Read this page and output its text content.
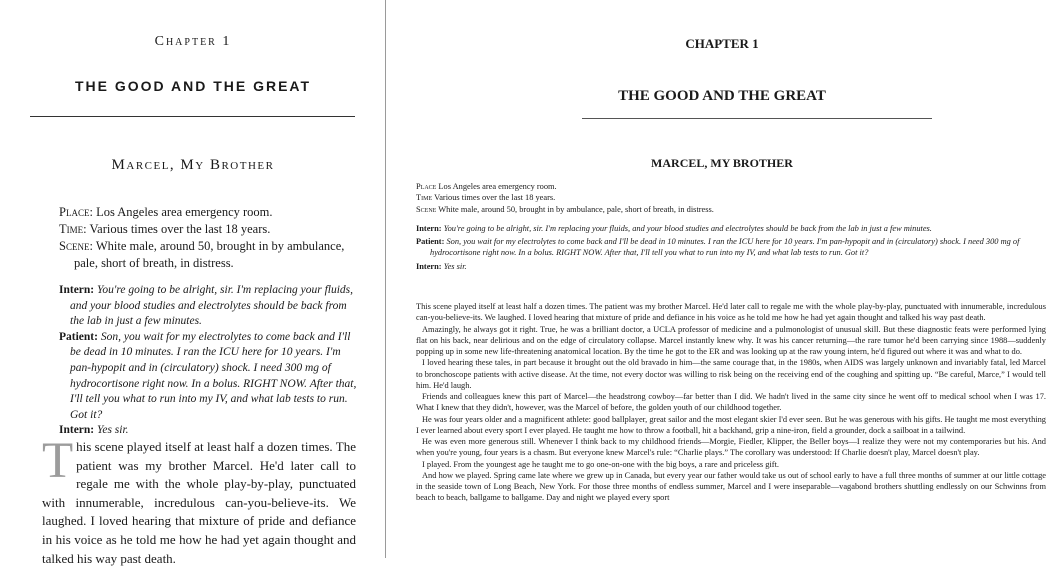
Chapter 1
THE GOOD AND THE GREAT
Marcel, My Brother
Place: Los Angeles area emergency room.
Time: Various times over the last 18 years.
Scene: White male, around 50, brought in by ambulance, pale, short of breath, in distress.
Intern: You're going to be alright, sir. I'm replacing your fluids, and your blood studies and electrolytes should be back from the lab in just a few minutes.
Patient: Son, you wait for my electrolytes to come back and I'll be dead in 10 minutes. I ran the ICU here for 10 years. I'm pan-hypopit and in (circulatory) shock. I need 300 mg of hydrocortisone right now. In a bolus. RIGHT NOW. After that, I'll tell you what to run into my IV, and what lab tests to run. Got it?
Intern: Yes sir.
This scene played itself at least half a dozen times. The patient was my brother Marcel. He'd later call to regale me with the whole play-by-play, punctuated with innumerable, incredulous can-you-believe-its. We laughed. I loved hearing that mixture of pride and defiance in his voice as he told me how he had yet again thought and talked his way past death.
CHAPTER 1
THE GOOD AND THE GREAT
MARCEL, MY BROTHER
Place Los Angeles area emergency room.
Time Various times over the last 18 years.
Scene White male, around 50, brought in by ambulance, pale, short of breath, in distress.
Intern: You're going to be alright, sir. I'm replacing your fluids, and your blood studies and electrolytes should be back from the lab in just a few minutes.
Patient: Son, you wait for my electrolytes to come back and I'll be dead in 10 minutes. I ran the ICU here for 10 years. I'm pan-hypopit and in (circulatory) shock. I need 300 mg of hydrocortisone right now. In a bolus. RIGHT NOW. After that, I'll tell you what to run into my IV, and what lab tests to run. Got it?
Intern: Yes sir.
This scene played itself at least half a dozen times. The patient was my brother Marcel. He'd later call to regale me with the whole play-by-play, punctuated with innumerable, incredulous can-you-believe-its. We laughed. I loved hearing that mixture of pride and defiance in his voice as he told me how he had yet again thought and talked his way past death.
Amazingly, he always got it right. True, he was a brilliant doctor, a UCLA professor of medicine and a pulmonologist of unusual skill. But these diagnostic feats were performed lying flat on his back, near delirious and on the edge of circulatory collapse. Marcel instantly knew why. It was his cancer returning—the rare tumor he'd been carrying since 1988—suddenly popping up in some new life-threatening anatomical location. By the time he got to the ER and was looking up at the raw young intern, he'd figured out where it was and what to do.
I loved hearing these tales, in part because it brought out the old bravado in him—the same courage that, in the 1980s, when AIDS was largely unknown and invariably fatal, led Marcel to bronchoscope patients with active disease. At the time, not every doctor was willing to risk being on the receiving end of the coughing and spitting up. “Be careful, Marce,” I would tell him. He'd laugh.
Friends and colleagues knew this part of Marcel—the headstrong cowboy—far better than I did. We hadn't lived in the same city since he went off to medical school when I was 17. What I knew that they didn't, however, was the Marcel of before, the golden youth of our childhood together.
He was four years older and a magnificent athlete: good ballplayer, great sailor and the most elegant skier I'd ever seen. But he was generous with his gifts. He taught me most everything I ever learned about every sport I ever played. He taught me how to throw a football, hit a backhand, grip a nine-iron, field a grounder, dock a sailboat in a tailwind.
He was even more generous still. Whenever I think back to my childhood friends—Morgie, Fiedler, Klipper, the Beller boys—I realize they were not my contemporaries but his. And when you're young, four years is a chasm. But everyone knew Marcel's rule: “Charlie plays.” The corollary was understood: If Charlie doesn't play, Marcel doesn't play.
I played. From the youngest age he taught me to go one-on-one with the big boys, a rare and priceless gift.
And how we played. Spring came late where we grew up in Canada, but every year our father would take us out of school early to have a full three months of summer at our little cottage in the seaside town of Long Beach, New York. For those three months of endless summer, Marcel and I were inseparable—vagabond brothers shuttling endlessly on our Schwinns from beach to beach, ballgame to ballgame. Day and night we played every sport
